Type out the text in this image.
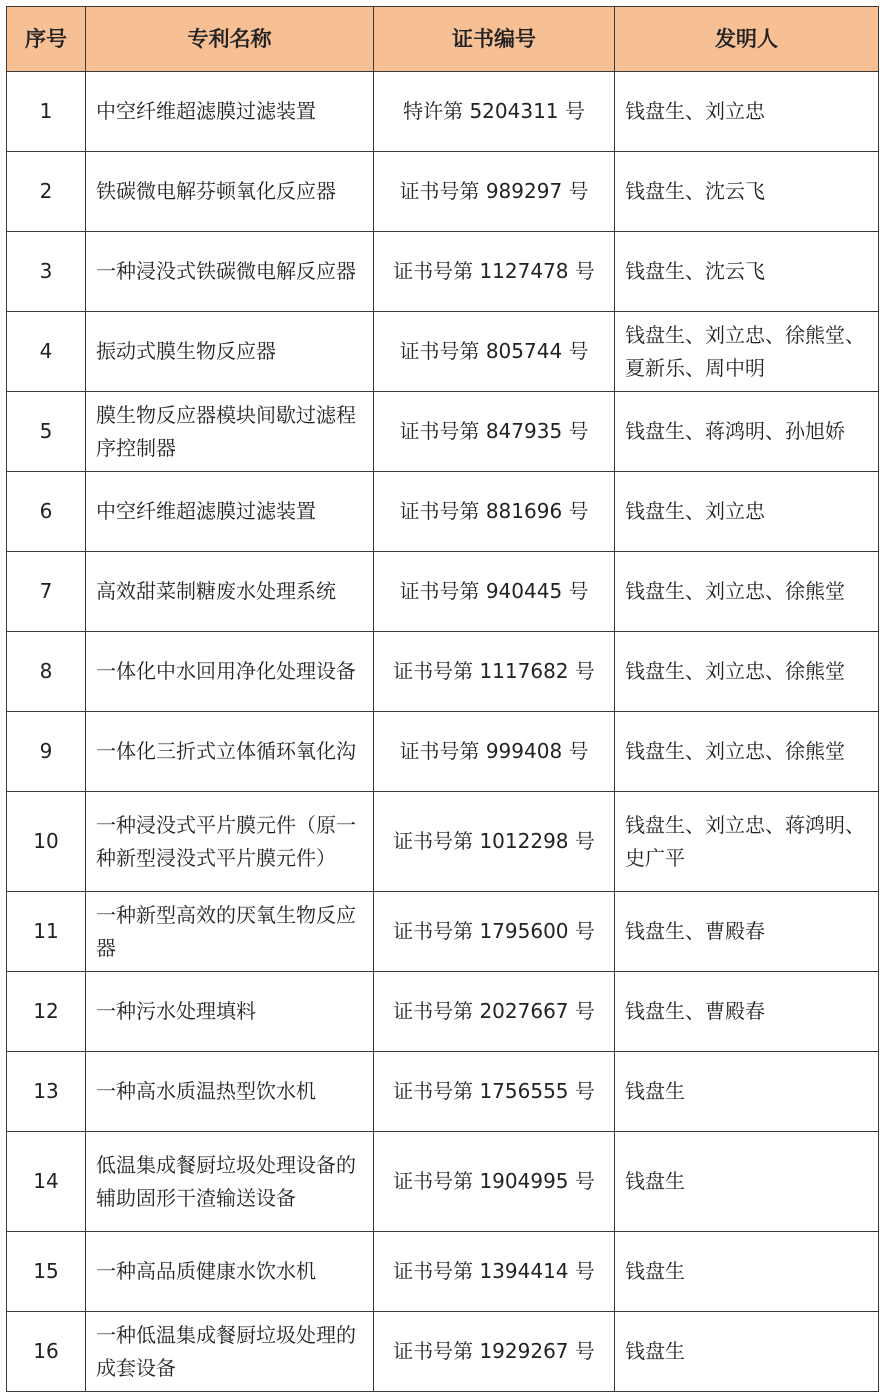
序号	专利名称	证书编号	发明人
1	中空纤维超滤膜过滤装置	特许第 5204311 号	钱盘生、刘立忠
2	铁碳微电解芬顿氧化反应器	证书号第 989297 号	钱盘生、沈云飞
3	一种浸没式铁碳微电解反应器	证书号第 1127478 号	钱盘生、沈云飞
4	振动式膜生物反应器	证书号第 805744 号	钱盘生、刘立忠、徐熊堂、夏新乐、周中明
5	膜生物反应器模块间歇过滤程序控制器	证书号第 847935 号	钱盘生、蒋鸿明、孙旭娇
6	中空纤维超滤膜过滤装置	证书号第 881696 号	钱盘生、刘立忠
7	高效甜菜制糖废水处理系统	证书号第 940445 号	钱盘生、刘立忠、徐熊堂
8	一体化中水回用净化处理设备	证书号第 1117682 号	钱盘生、刘立忠、徐熊堂
9	一体化三折式立体循环氧化沟	证书号第 999408 号	钱盘生、刘立忠、徐熊堂
10	一种浸没式平片膜元件（原一种新型浸没式平片膜元件）	证书号第 1012298 号	钱盘生、刘立忠、蒋鸿明、史广平
11	一种新型高效的厌氧生物反应器	证书号第 1795600 号	钱盘生、曹殿春
12	一种污水处理填料	证书号第 2027667 号	钱盘生、曹殿春
13	一种高水质温热型饮水机	证书号第 1756555 号	钱盘生
14	低温集成餐厨垃圾处理设备的辅助固形干渣输送设备	证书号第 1904995 号	钱盘生
15	一种高品质健康水饮水机	证书号第 1394414 号	钱盘生
16	一种低温集成餐厨垃圾处理的成套设备	证书号第 1929267 号	钱盘生
